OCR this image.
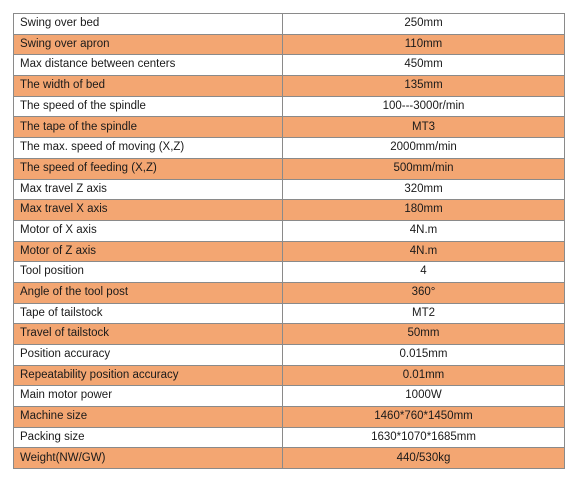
Swing over bed	250mm
Swing over apron	110mm
Max distance between centers	450mm
The width of bed	135mm
The speed of the spindle	100---3000r/min
The tape of the spindle	MT3
The max. speed of moving (X,Z)	2000mm/min
The speed of feeding (X,Z)	500mm/min
Max travel Z axis	320mm
Max travel X axis	180mm
Motor of X axis	4N.m
Motor of Z axis	4N.m
Tool position	4
Angle of the tool post	360°
Tape of tailstock	MT2
Travel of tailstock	50mm
Position accuracy	0.015mm
Repeatability position accuracy	0.01mm
Main motor power	1000W
Machine size	1460*760*1450mm
Packing size	1630*1070*1685mm
Weight(NW/GW)	440/530kg
